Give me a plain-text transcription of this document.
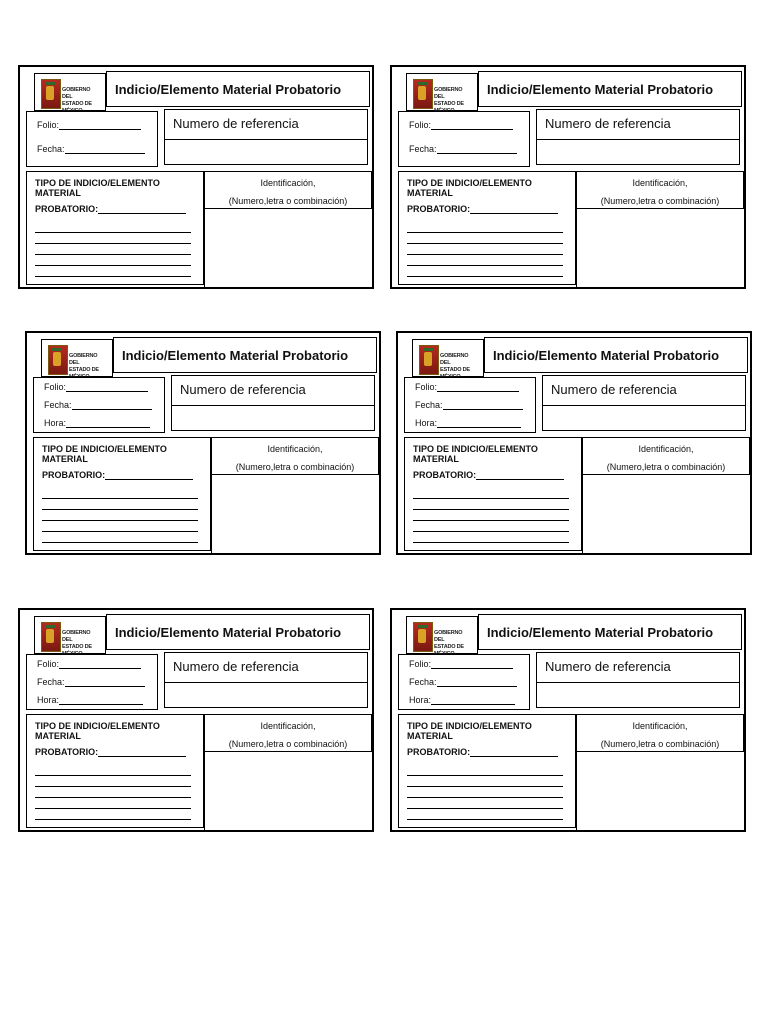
GOBIERNO DEL
ESTADO DE
Indicio/Elemento Material Probatorio
Folio:
Fecha:
Numero de referencia
TIPO DE INDICIO/ELEMENTO MATERIAL
PROBATORIO:
Identificación,
(Numero,letra o combinación)
GOBIERNO DEL
ESTADO DE
Indicio/Elemento Material Probatorio
Folio:
Fecha:
Numero de referencia
TIPO DE INDICIO/ELEMENTO MATERIAL
PROBATORIO:
Identificación,
(Numero,letra o combinación)
GOBIERNO DEL
ESTADO DE
Indicio/Elemento Material Probatorio
Folio:
Fecha:
Hora:
Numero de referencia
TIPO DE INDICIO/ELEMENTO MATERIAL
PROBATORIO:
Identificación,
(Numero,letra o combinación)
GOBIERNO DEL
ESTADO DE
Indicio/Elemento Material Probatorio
Folio:
Fecha:
Hora:
Numero de referencia
TIPO DE INDICIO/ELEMENTO MATERIAL
PROBATORIO:
Identificación,
(Numero,letra o combinación)
GOBIERNO DEL
ESTADO DE
Indicio/Elemento Material Probatorio
Folio:
Fecha:
Hora:
Numero de referencia
TIPO DE INDICIO/ELEMENTO MATERIAL
PROBATORIO:
Identificación,
(Numero,letra o combinación)
GOBIERNO DEL
ESTADO DE
Indicio/Elemento Material Probatorio
Folio:
Fecha:
Hora:
Numero de referencia
TIPO DE INDICIO/ELEMENTO MATERIAL
PROBATORIO:
Identificación,
(Numero,letra o combinación)
